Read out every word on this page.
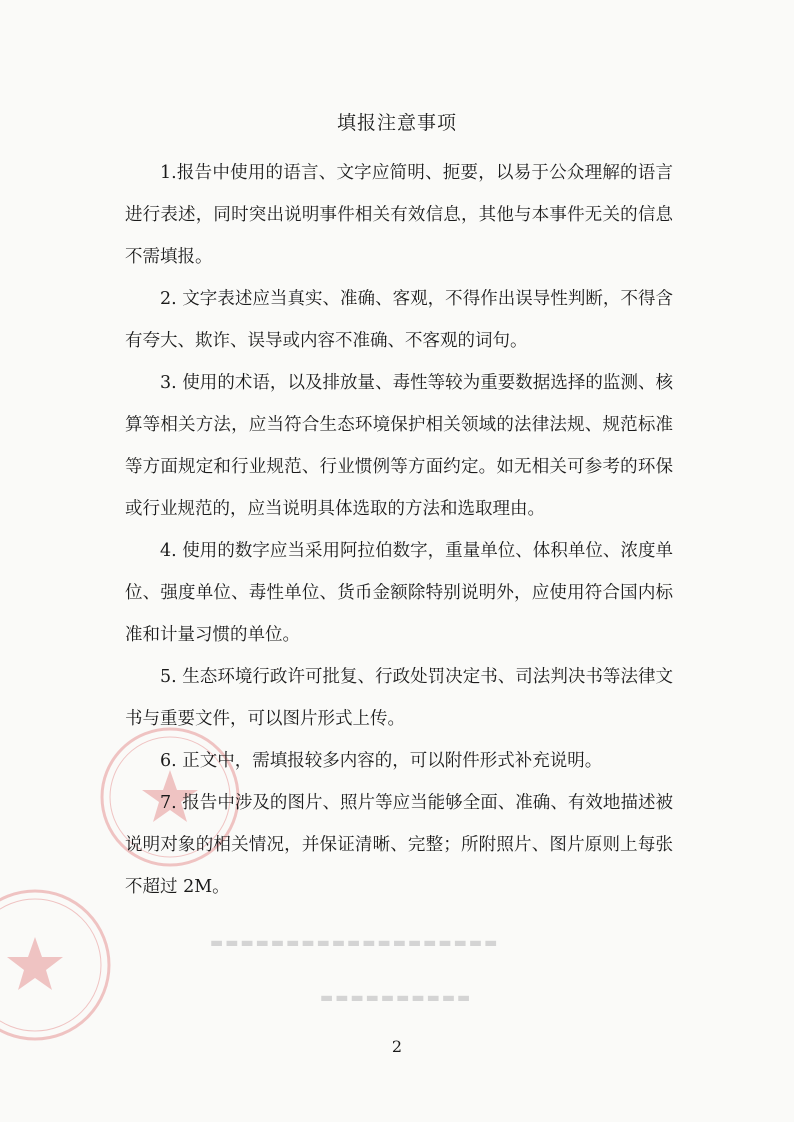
▬▬▬▬▬▬▬▬▬▬▬▬▬▬▬▬▬▬▬
▬▬▬▬▬▬▬▬▬▬
填报注意事项

1.报告中使用的语言、文字应简明、扼要，以易于公众理解的语言进行表述，同时突出说明事件相关有效信息，其他与本事件无关的信息不需填报。

2. 文字表述应当真实、准确、客观，不得作出误导性判断，不得含有夸大、欺诈、误导或内容不准确、不客观的词句。

3. 使用的术语，以及排放量、毒性等较为重要数据选择的监测、核算等相关方法，应当符合生态环境保护相关领域的法律法规、规范标准等方面规定和行业规范、行业惯例等方面约定。如无相关可参考的环保或行业规范的，应当说明具体选取的方法和选取理由。

4. 使用的数字应当采用阿拉伯数字，重量单位、体积单位、浓度单位、强度单位、毒性单位、货币金额除特别说明外，应使用符合国内标准和计量习惯的单位。

5. 生态环境行政许可批复、行政处罚决定书、司法判决书等法律文书与重要文件，可以图片形式上传。

6. 正文中，需填报较多内容的，可以附件形式补充说明。

7. 报告中涉及的图片、照片等应当能够全面、准确、有效地描述被说明对象的相关情况，并保证清晰、完整；所附照片、图片原则上每张不超过 2M。

2
